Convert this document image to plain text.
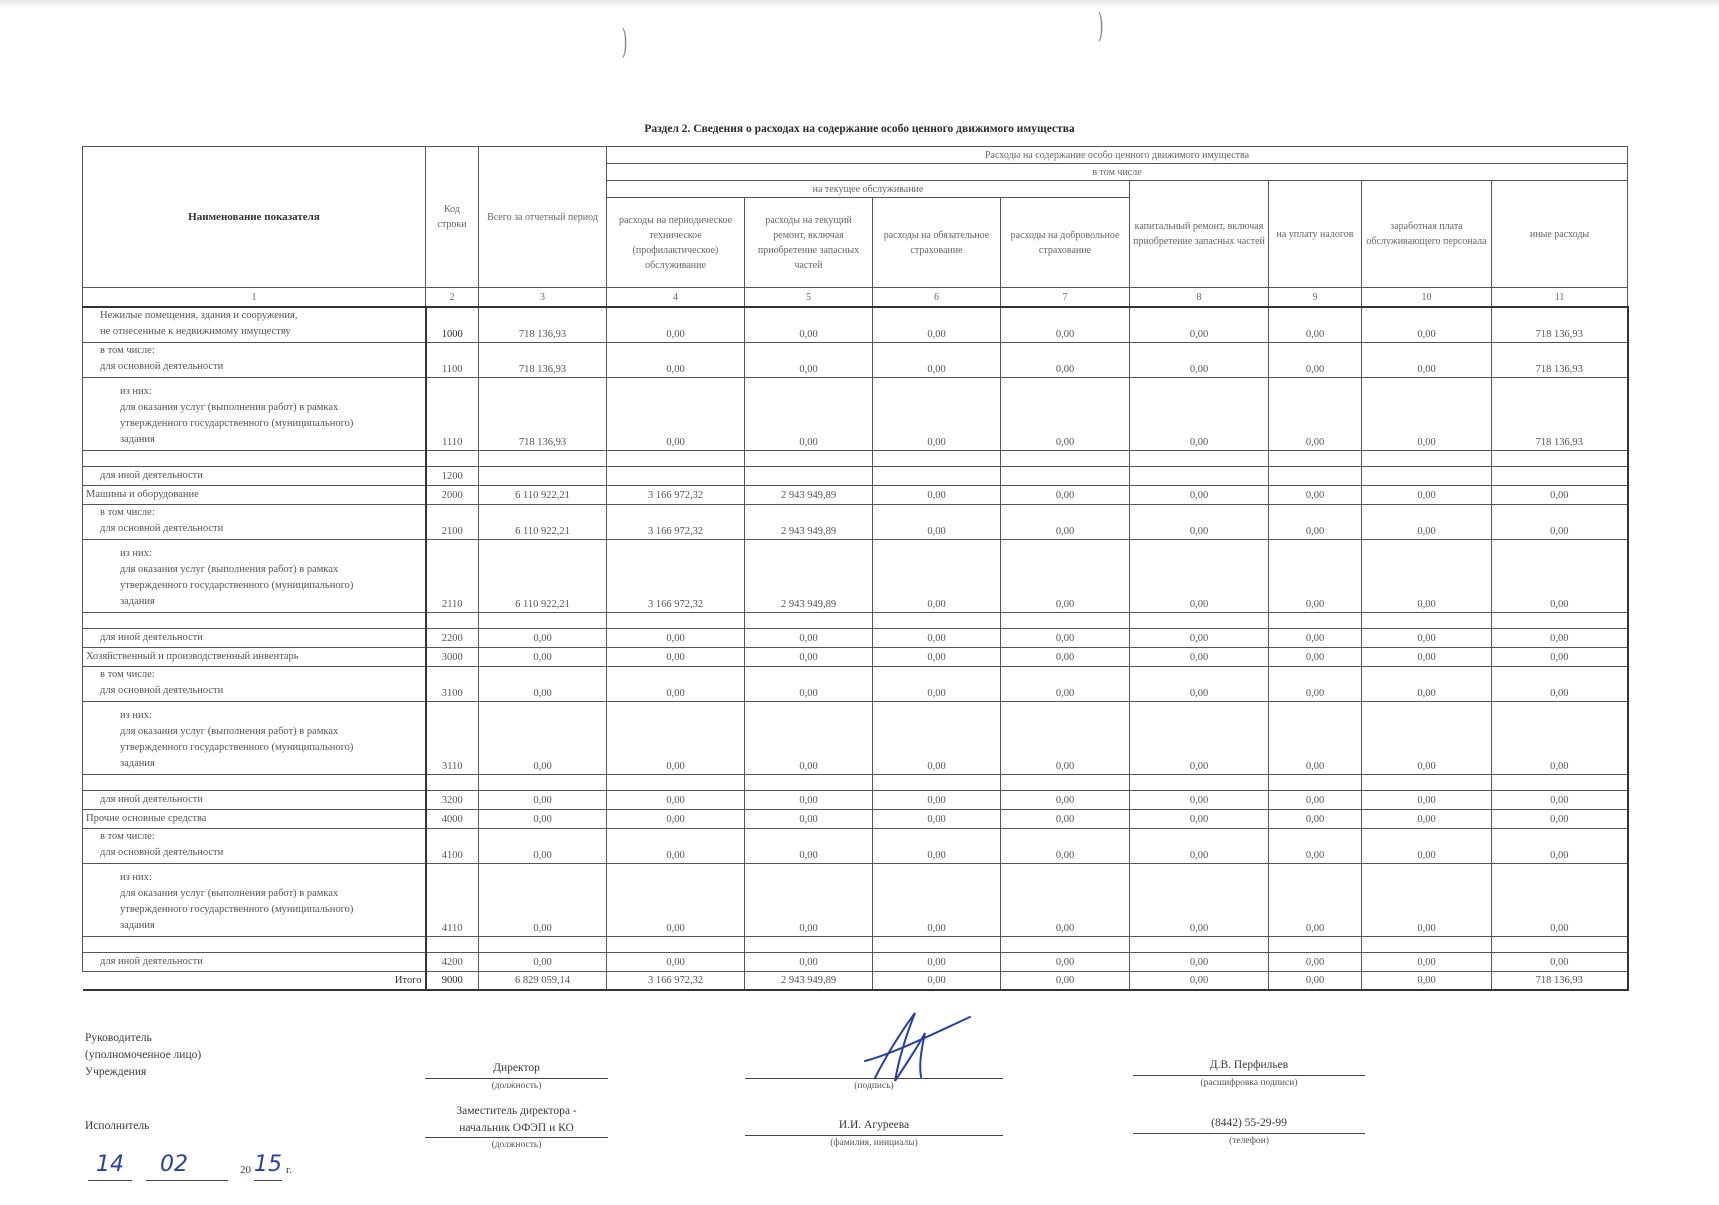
)	)
Раздел 2. Сведения о расходах на содержание особо ценного движимого имущества
Наименование показателя	Код строки	Всего за отчетный период	Расходы на содержание особо ценного движимого имущества							
			в том числе							
			на текущее обслуживание				капитальный ремонт, включая приобретение запасных частей	на уплату налогов	заработная плата обслуживающего персонала	иные расходы
			расходы на периодическое техническое (профилактическое) обслуживание	расходы на текущий ремонт, включая приобретение запасных частей	расходы на обязательное страхование	расходы на добровольное страхование				
1	2	3	4	5	6	7	8	9	10	11

Нежилые помещения, здания и сооружения,
не отнесенные к недвижимому имуществу	1000	718 136,93	0,00	0,00	0,00	0,00	0,00	0,00	0,00	718 136,93

в том числе:
для основной деятельности	1100	718 136,93	0,00	0,00	0,00	0,00	0,00	0,00	0,00	718 136,93

из них:
для оказания услуг (выполнения работ) в рамках
утвержденного государственного (муниципального)
задания	1110	718 136,93	0,00	0,00	0,00	0,00	0,00	0,00	0,00	718 136,93

для иной деятельности	1200									

Машины и оборудование	2000	6 110 922,21	3 166 972,32	2 943 949,89	0,00	0,00	0,00	0,00	0,00	0,00

в том числе:
для основной деятельности	2100	6 110 922,21	3 166 972,32	2 943 949,89	0,00	0,00	0,00	0,00	0,00	0,00

из них:
для оказания услуг (выполнения работ) в рамках
утвержденного государственного (муниципального)
задания	2110	6 110 922,21	3 166 972,32	2 943 949,89	0,00	0,00	0,00	0,00	0,00	0,00

для иной деятельности	2200	0,00	0,00	0,00	0,00	0,00	0,00	0,00	0,00	0,00

Хозяйственный и производственный инвентарь	3000	0,00	0,00	0,00	0,00	0,00	0,00	0,00	0,00	0,00

в том числе:
для основной деятельности	3100	0,00	0,00	0,00	0,00	0,00	0,00	0,00	0,00	0,00

из них:
для оказания услуг (выполнения работ) в рамках
утвержденного государственного (муниципального)
задания	3110	0,00	0,00	0,00	0,00	0,00	0,00	0,00	0,00	0,00

для иной деятельности	3200	0,00	0,00	0,00	0,00	0,00	0,00	0,00	0,00	0,00

Прочие основные средства	4000	0,00	0,00	0,00	0,00	0,00	0,00	0,00	0,00	0,00

в том числе:
для основной деятельности	4100	0,00	0,00	0,00	0,00	0,00	0,00	0,00	0,00	0,00

из них:
для оказания услуг (выполнения работ) в рамках
утвержденного государственного (муниципального)
задания	4110	0,00	0,00	0,00	0,00	0,00	0,00	0,00	0,00	0,00

для иной деятельности	4200	0,00	0,00	0,00	0,00	0,00	0,00	0,00	0,00	0,00
Итого	9000	6 829 059,14	3 166 972,32	2 943 949,89	0,00	0,00	0,00	0,00	0,00	718 136,93
Руководитель
(уполномоченное лицо)
Учреждения	Директор
(должность)	(подпись)
Д.В. Перфильев
(расшифровка подписи)
Исполнитель
Заместитель директора -
начальник ОФЭП и КО
(должность)
И.И. Агуреева
(фамилия, инициалы)
(8442) 55-29-99
(телефон)
14 02	20 15 г.
